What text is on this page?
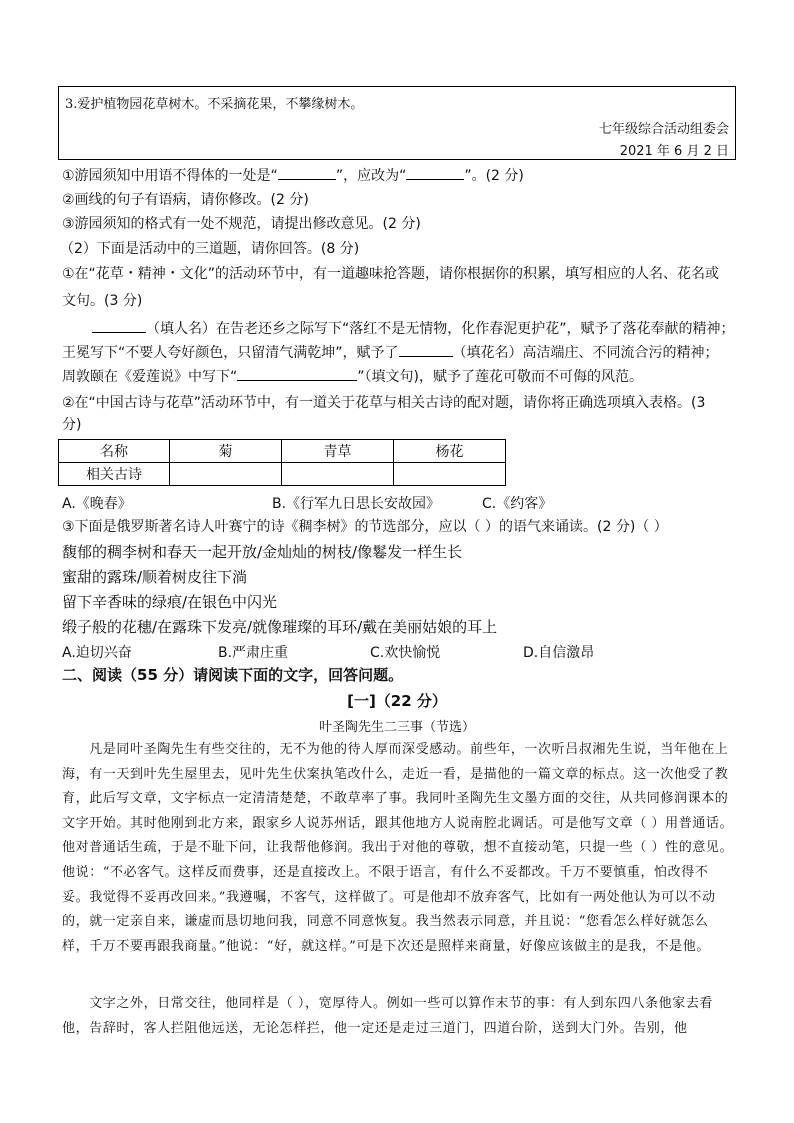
3.爱护植物园花草树木。不采摘花果，不攀缘树木。
七年级综合活动组委会
2021 年 6 月 2 日
①游园须知中用语不得体的一处是“	”，应改为“	”。(2 分)
②画线的句子有语病，请你修改。(2 分)
③游园须知的格式有一处不规范，请提出修改意见。(2 分)
（2）下面是活动中的三道题，请你回答。(8 分)
①在“花草・精神・文化”的活动环节中，有一道趣味抢答题，请你根据你的积累，填写相应的人名、花名或
文句。(3 分)
（填人名）在告老还乡之际写下“落红不是无情物，化作春泥更护花”，赋予了落花奉献的精神；
王冕写下“不要人夸好颜色，只留清气满乾坤”，赋予了	（填花名）高洁端庄、不同流合污的精神；
周敦颐在《爱莲说》中写下“	”（填文句)，赋予了莲花可敬而不可侮的风范。
②在“中国古诗与花草”活动环节中，有一道关于花草与相关古诗的配对题，请你将正确选项填入表格。(3
分)
名称	菊	青草	杨花
相关古诗			
A.《晚春》	B.《行军九日思长安故园》	C.《约客》
③下面是俄罗斯著名诗人叶赛宁的诗《稠李树》的节选部分，应以（ ）的语气来诵读。(2 分)（ ）
馥郁的稠李树和春天一起开放/金灿灿的树枝/像鬈发一样生长
蜜甜的露珠/顺着树皮往下淌
留下辛香味的绿痕/在银色中闪光
缎子般的花穗/在露珠下发亮/就像璀璨的耳环/戴在美丽姑娘的耳上
A.迫切兴奋	B.严肃庄重	C.欢快愉悦	D.自信激昂
二、阅读（55 分）请阅读下面的文字，回答问题。
[一]（22 分）
叶圣陶先生二三事（节选）
　　凡是同叶圣陶先生有些交往的，无不为他的待人厚而深受感动。前些年，一次听吕叔湘先生说，当年他在上海，有一天到叶先生屋里去，见叶先生伏案执笔改什么，走近一看，是描他的一篇文章的标点。这一次他受了教育，此后写文章，文字标点一定清清楚楚，不敢草率了事。我同叶圣陶先生文墨方面的交往，从共同修润课本的文字开始。其时他刚到北方来，跟家乡人说苏州话，跟其他地方人说南腔北调话。可是他写文章（ ）用普通话。他对普通话生疏，于是不耻下问，让我帮他修润。我出于对他的尊敬，想不直接动笔，只提一些（ ）性的意见。他说：“不必客气。这样反而费事，还是直接改上。不限于语言，有什么不妥都改。千万不要慎重，怕改得不妥。我觉得不妥再改回来。”我遵嘱，不客气，这样做了。可是他却不放弃客气，比如有一两处他认为可以不动的，就一定亲自来，谦虚而恳切地问我，同意不同意恢复。我当然表示同意，并且说：“您看怎么样好就怎么样，千万不要再跟我商量。”他说：“好，就这样。”可是下次还是照样来商量，好像应该做主的是我，不是他。
　　文字之外，日常交往，他同样是（ ），宽厚待人。例如一些可以算作末节的事：有人到东四八条他家去看他，告辞时，客人拦阻他远送，无论怎样拦，他一定还是走过三道门，四道台阶，送到大门外。告别，他
